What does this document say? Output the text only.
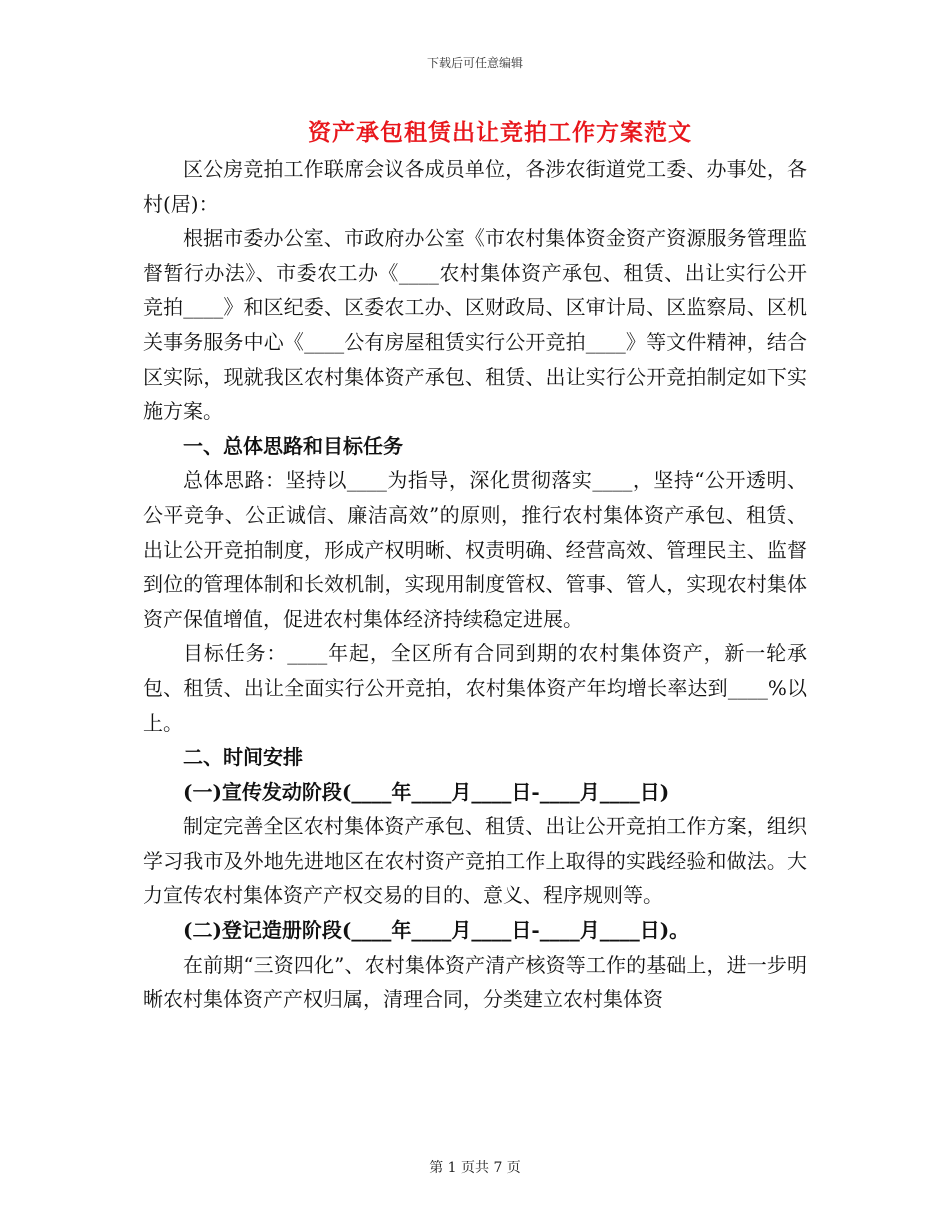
下载后可任意编辑
资产承包租赁出让竞拍工作方案范文

区公房竞拍工作联席会议各成员单位，各涉农街道党工委、办事处，各村(居)：

根据市委办公室、市政府办公室《市农村集体资金资产资源服务管理监督暂行办法》、市委农工办《____农村集体资产承包、租赁、出让实行公开竞拍____》和区纪委、区委农工办、区财政局、区审计局、区监察局、区机关事务服务中心《____公有房屋租赁实行公开竞拍____》等文件精神，结合区实际，现就我区农村集体资产承包、租赁、出让实行公开竞拍制定如下实施方案。

一、总体思路和目标任务

总体思路：坚持以____为指导，深化贯彻落实____，坚持“公开透明、公平竞争、公正诚信、廉洁高效”的原则，推行农村集体资产承包、租赁、出让公开竞拍制度，形成产权明晰、权责明确、经营高效、管理民主、监督到位的管理体制和长效机制，实现用制度管权、管事、管人，实现农村集体资产保值增值，促进农村集体经济持续稳定进展。

目标任务：____年起，全区所有合同到期的农村集体资产，新一轮承包、租赁、出让全面实行公开竞拍，农村集体资产年均增长率达到____%以上。

二、时间安排

(一)宣传发动阶段(____年____月____日-____月____日)

制定完善全区农村集体资产承包、租赁、出让公开竞拍工作方案，组织学习我市及外地先进地区在农村资产竞拍工作上取得的实践经验和做法。大力宣传农村集体资产产权交易的目的、意义、程序规则等。

(二)登记造册阶段(____年____月____日-____月____日)。

在前期“三资四化”、农村集体资产清产核资等工作的基础上，进一步明晰农村集体资产产权归属，清理合同，分类建立农村集体资

第 1 页共 7 页
